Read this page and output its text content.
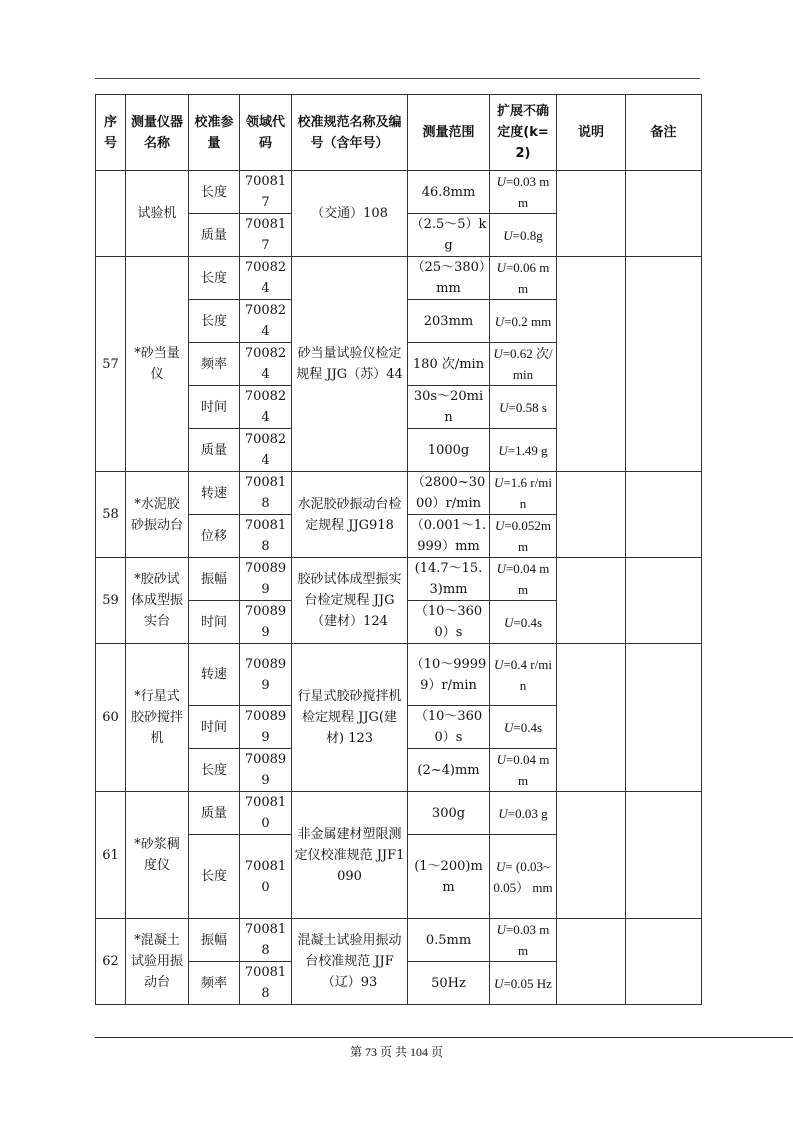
序号	测量仪器名称	校准参量	领域代码	校准规范名称及编号（含年号）	测量范围	扩展不确定度(k=2)	说明	备注
	试验机	长度	700817	（交通）108	46.8mm	U=0.03 mm		
		质量	700817		（2.5～5）kg	U=0.8g		
57	*砂当量仪	长度	700824	砂当量试验仪检定规程 JJG（苏）44	（25～380）mm	U=0.06 mm		
		长度	700824		203mm	U=0.2 mm		
		频率	700824		180 次/min	U=0.62 次/min		
		时间	700824		30s～20min	U=0.58 s		
		质量	700824		1000g	U=1.49 g		
58	*水泥胶砂振动台	转速	700818	水泥胶砂振动台检定规程 JJG918	（2800~3000）r/min	U=1.6 r/min		
		位移	700818		（0.001～1.999）mm	U=0.052mm		
59	*胶砂试体成型振实台	振幅	700899	胶砂试体成型振实台检定规程 JJG（建材）124	(14.7～15.3)mm	U=0.04 mm		
		时间	700899		（10～3600）s	U=0.4s		
60	*行星式胶砂搅拌机	转速	700899	行星式胶砂搅拌机检定规程 JJG(建材) 123	（10～99999）r/min	U=0.4 r/min		
		时间	700899		（10～3600）s	U=0.4s		
		长度	700899		(2~4)mm	U=0.04 mm		
61	*砂浆稠度仪	质量	700810	非金属建材塑限测定仪校准规范 JJF1090	300g	U=0.03 g		
		长度	700810		(1～200)mm	U= (0.03~0.05） mm		
62	*混凝土试验用振动台	振幅	700818	混凝土试验用振动台校准规范 JJF（辽）93	0.5mm	U=0.03 mm		
		频率	700818		50Hz	U=0.05 Hz		
第 73 页 共 104 页
